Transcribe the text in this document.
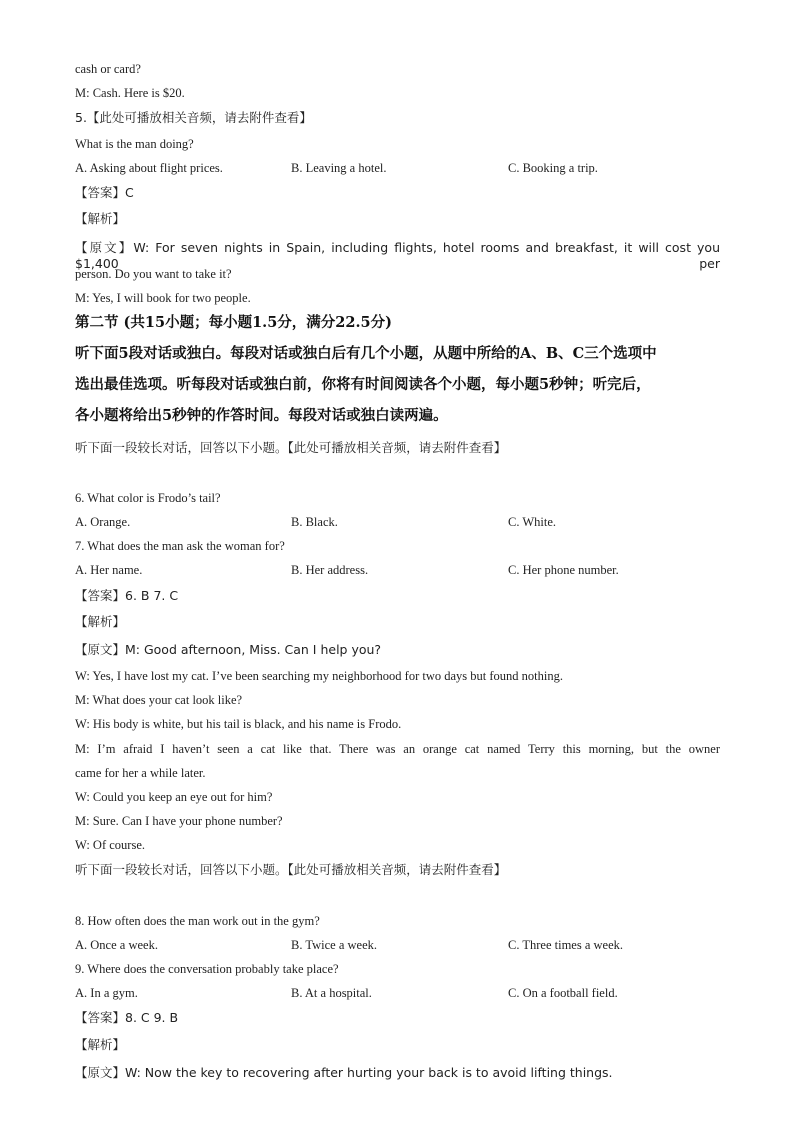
cash or card?
M: Cash. Here is $20.
5.【此处可播放相关音频，请去附件查看】
What is the man doing?
A. Asking about flight prices.	B. Leaving a hotel.	C. Booking a trip.
【答案】C
【解析】
【原文】W: For seven nights in Spain, including flights, hotel rooms and breakfast, it will cost you $1,400 per
person. Do you want to take it?
M: Yes, I will book for two people.
第二节 (共15小题；每小题1.5分，满分22.5分)
听下面5段对话或独白。每段对话或独白后有几个小题，从题中所给的A、B、C三个选项中
选出最佳选项。听每段对话或独白前，你将有时间阅读各个小题，每小题5秒钟；听完后，
各小题将给出5秒钟的作答时间。每段对话或独白读两遍。
听下面一段较长对话，回答以下小题。【此处可播放相关音频，请去附件查看】
6. What color is Frodo’s tail?
A. Orange.	B. Black.	C. White.
7. What does the man ask the woman for?
A. Her name.	B. Her address.	C. Her phone number.
【答案】6. B 7. C
【解析】
【原文】M: Good afternoon, Miss. Can I help you?
W: Yes, I have lost my cat. I’ve been searching my neighborhood for two days but found nothing.
M: What does your cat look like?
W: His body is white, but his tail is black, and his name is Frodo.
M: I’m afraid I haven’t seen a cat like that. There was an orange cat named Terry this morning, but the owner
came for her a while later.
W: Could you keep an eye out for him?
M: Sure. Can I have your phone number?
W: Of course.
听下面一段较长对话，回答以下小题。【此处可播放相关音频，请去附件查看】
8. How often does the man work out in the gym?
A. Once a week.	B. Twice a week.	C. Three times a week.
9. Where does the conversation probably take place?
A. In a gym.	B. At a hospital.	C. On a football field.
【答案】8. C 9. B
【解析】
【原文】W: Now the key to recovering after hurting your back is to avoid lifting things.
